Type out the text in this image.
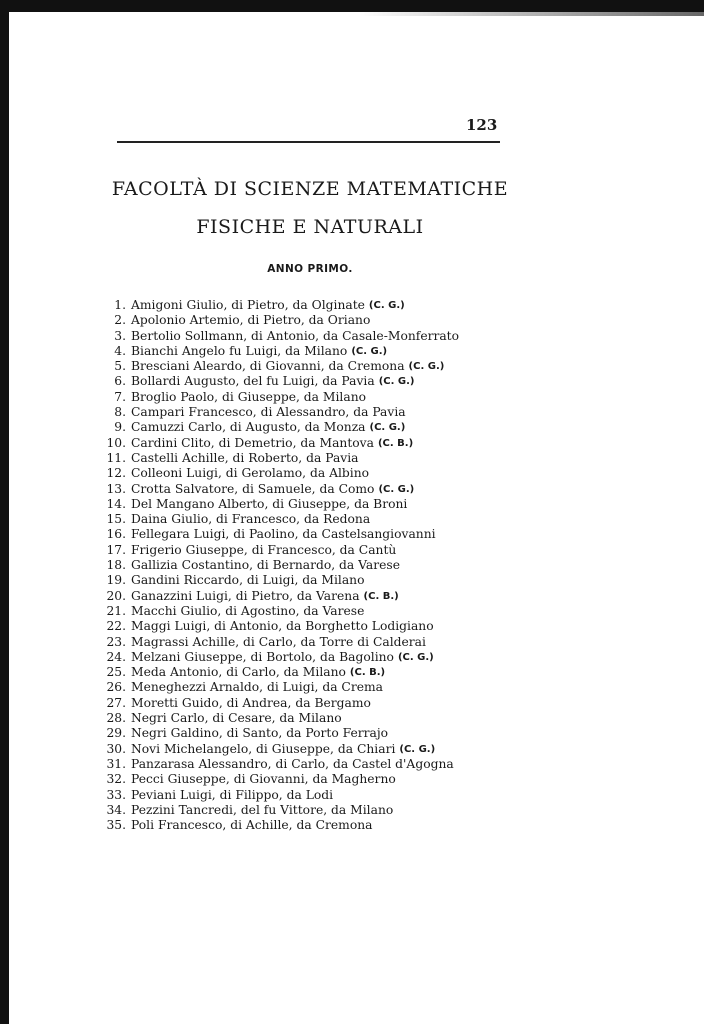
123
FACOLTÀ DI SCIENZE MATEMATICHE
FISICHE E NATURALI
ANNO PRIMO.
1. Amigoni Giulio, di Pietro, da Olginate (C. G.)
2. Apolonio Artemio, di Pietro, da Oriano
3. Bertolio Sollmann, di Antonio, da Casale-Monferrato
4. Bianchi Angelo fu Luigi, da Milano (C. G.)
5. Bresciani Aleardo, di Giovanni, da Cremona (C. G.)
6. Bollardi Augusto, del fu Luigi, da Pavia (C. G.)
7. Broglio Paolo, di Giuseppe, da Milano
8. Campari Francesco, di Alessandro, da Pavia
9. Camuzzi Carlo, di Augusto, da Monza (C. G.)
10. Cardini Clito, di Demetrio, da Mantova (C. B.)
11. Castelli Achille, di Roberto, da Pavia
12. Colleoni Luigi, di Gerolamo, da Albino
13. Crotta Salvatore, di Samuele, da Como (C. G.)
14. Del Mangano Alberto, di Giuseppe, da Broni
15. Daina Giulio, di Francesco, da Redona
16. Fellegara Luigi, di Paolino, da Castelsangiovanni
17. Frigerio Giuseppe, di Francesco, da Cantù
18. Gallizia Costantino, di Bernardo, da Varese
19. Gandini Riccardo, di Luigi, da Milano
20. Ganazzini Luigi, di Pietro, da Varena (C. B.)
21. Macchi Giulio, di Agostino, da Varese
22. Maggi Luigi, di Antonio, da Borghetto Lodigiano
23. Magrassi Achille, di Carlo, da Torre di Calderai
24. Melzani Giuseppe, di Bortolo, da Bagolino (C. G.)
25. Meda Antonio, di Carlo, da Milano (C. B.)
26. Meneghezzi Arnaldo, di Luigi, da Crema
27. Moretti Guido, di Andrea, da Bergamo
28. Negri Carlo, di Cesare, da Milano
29. Negri Galdino, di Santo, da Porto Ferrajo
30. Novi Michelangelo, di Giuseppe, da Chiari (C. G.)
31. Panzarasa Alessandro, di Carlo, da Castel d'Agogna
32. Pecci Giuseppe, di Giovanni, da Magherno
33. Peviani Luigi, di Filippo, da Lodi
34. Pezzini Tancredi, del fu Vittore, da Milano
35. Poli Francesco, di Achille, da Cremona
